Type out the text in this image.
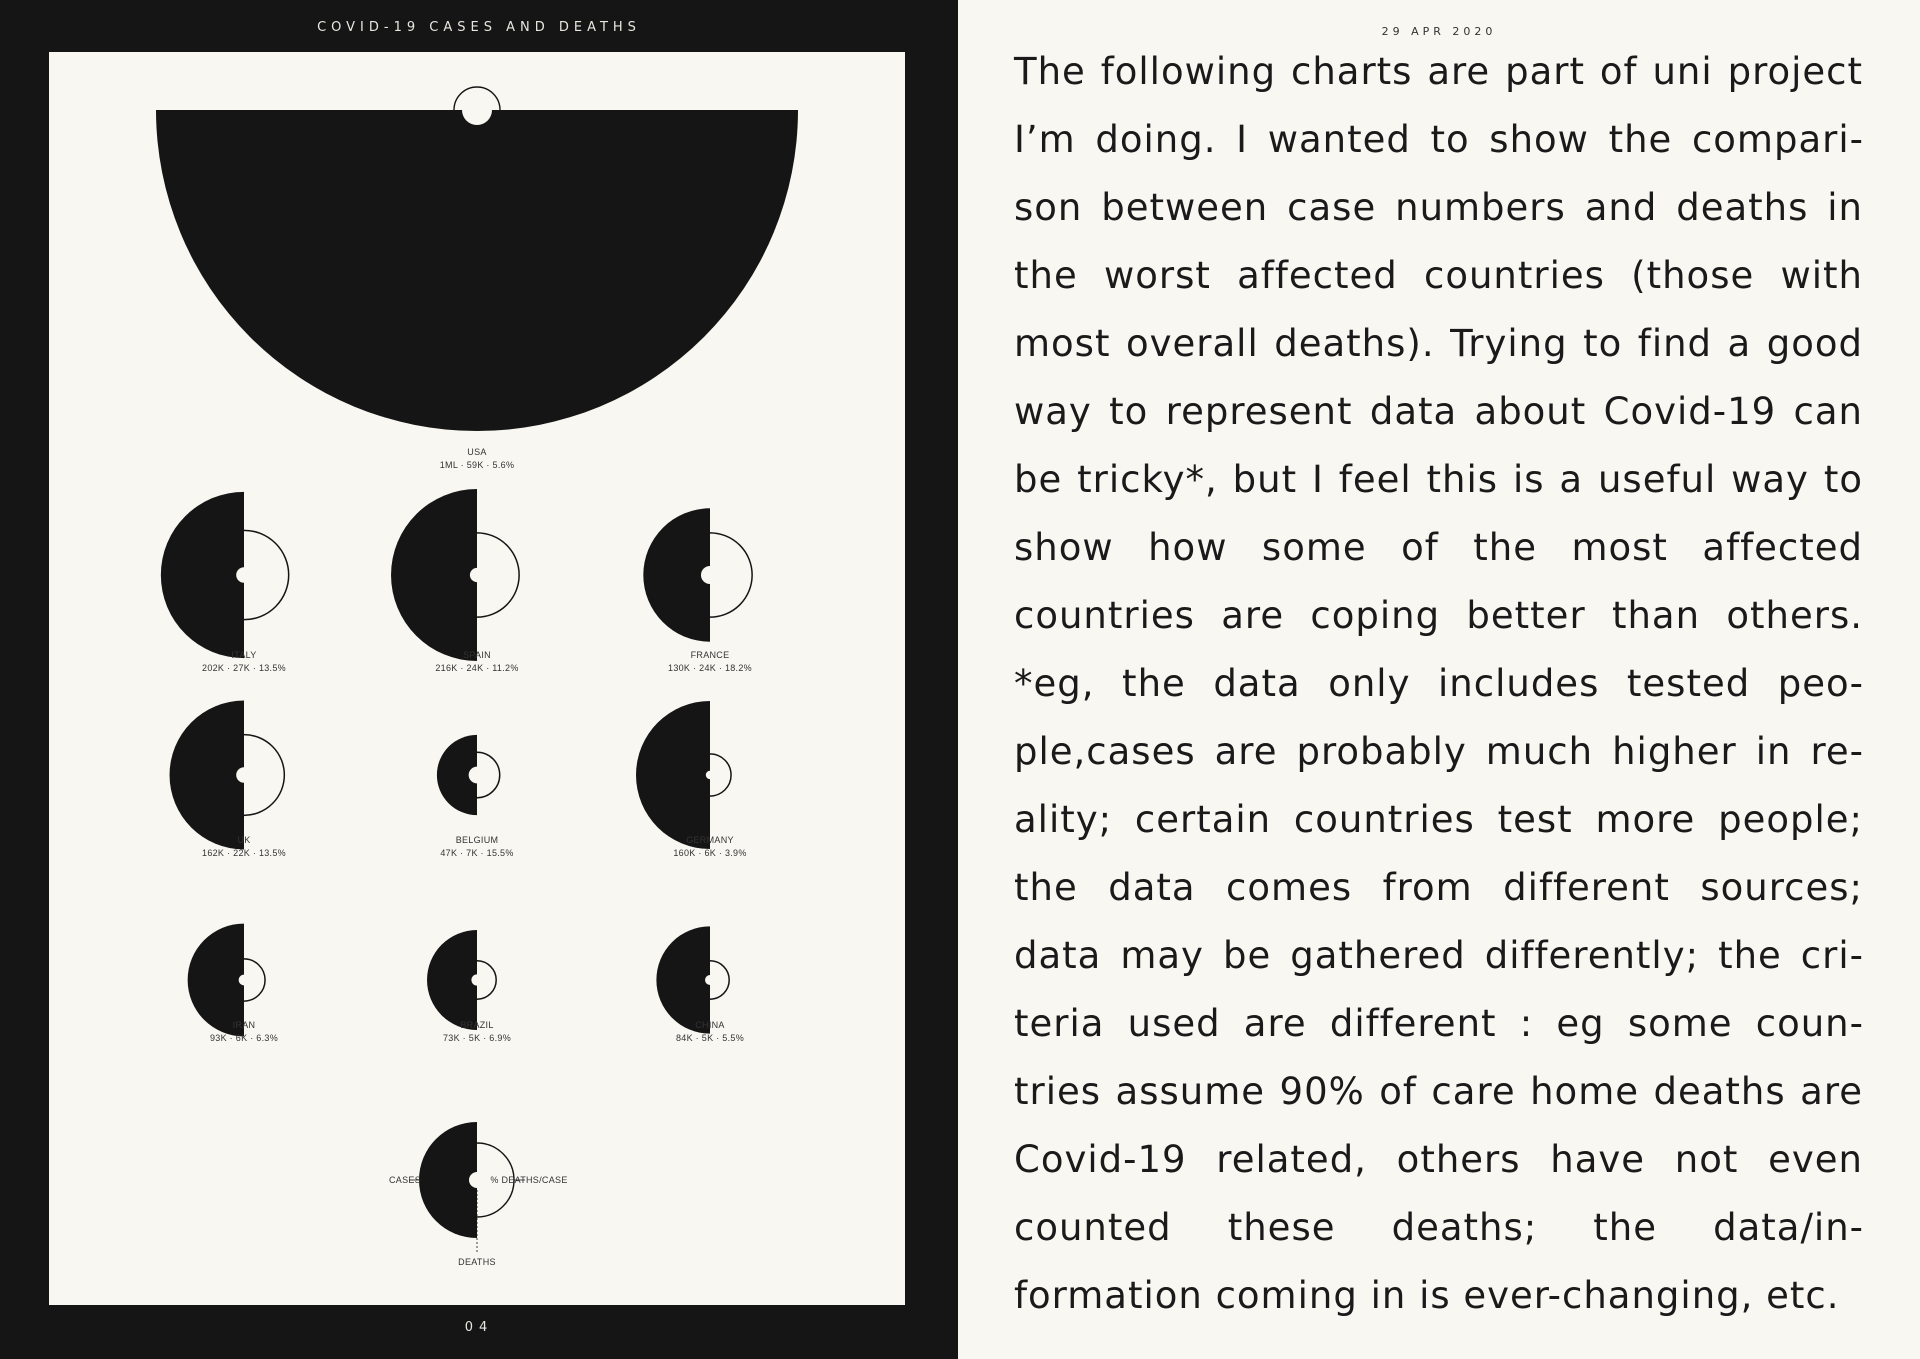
COVID-19 CASES AND DEATHS
USA
1ML · 59K · 5.6%
ITALY
202K · 27K · 13.5%
SPAIN
216K · 24K · 11.2%
FRANCE
130K · 24K · 18.2%
UK
162K · 22K · 13.5%
BELGIUM
47K · 7K · 15.5%
GERMANY
160K · 6K · 3.9%
IRAN
93K · 6K · 6.3%
BRAZIL
73K · 5K · 6.9%
CHINA
84K · 5K · 5.5%
CASES	% DEATHS/CASE
DEATHS
04
29 APR 2020
The following charts are part of uni project I’m doing. I wanted to show the comparison between case numbers and deaths in the worst affected countries (those with most overall deaths). Trying to find a good way to represent data about Covid-19 can be tricky*, but I feel this is a useful way to show how some of the most affected countries are coping better than others. *eg, the data only includes tested people,cases are probably much higher in reality; certain countries test more people; the data comes from different sources; data may be gathered differently; the criteria used are different : eg some countries assume 90% of care home deaths are Covid-19 related, others have not even counted these deaths; the data/information coming in is ever-changing, etc.
